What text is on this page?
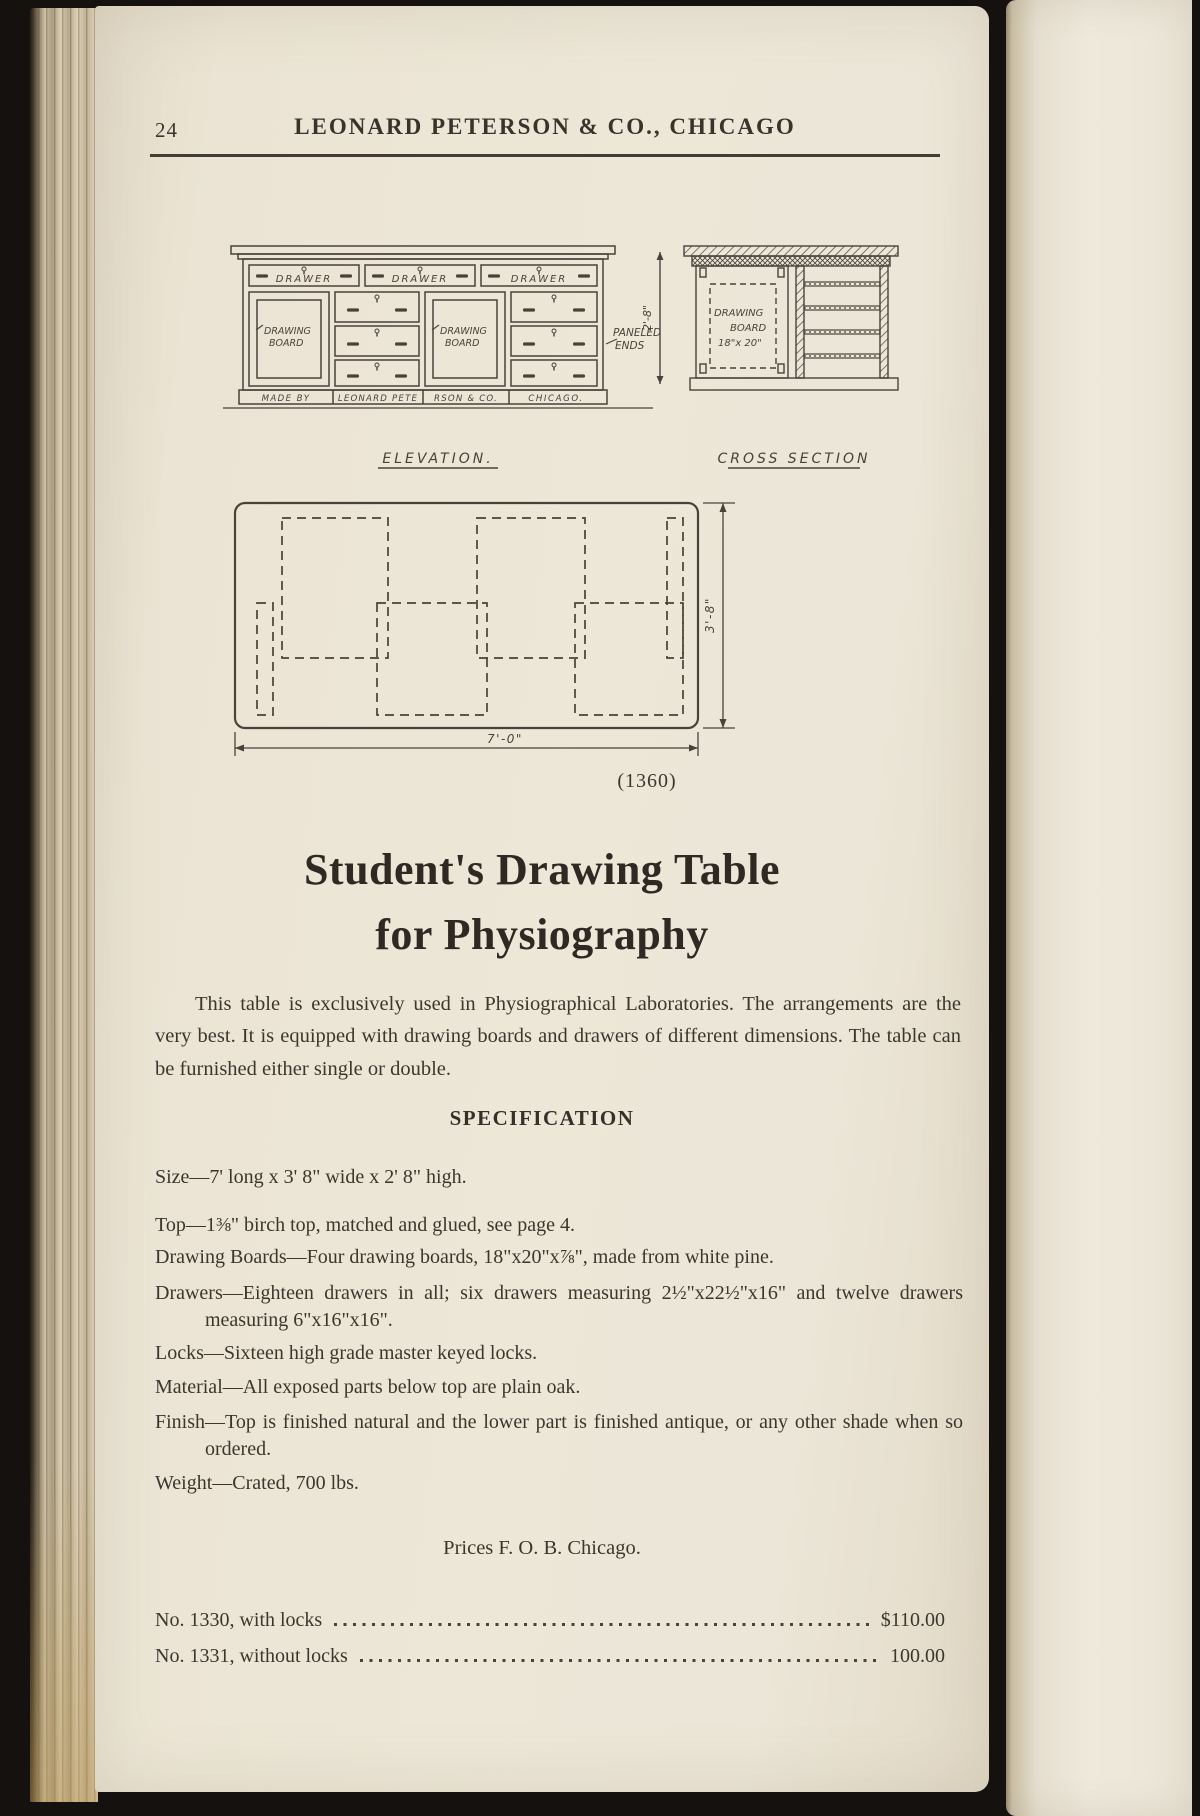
24	LEONARD PETERSON & CO., CHICAGO
DRAWER	DRAWER	DRAWER
DRAWING
BOARD
DRAWING
BOARD
PANELED
ENDS
MADE BY	LEONARD PETE RSON & CO.	CHICAGO.
ELEVATION.
2'-8"	DRAWING
BOARD
18"x 20"
CROSS SECTION
7'-0"
3'-8"
(1360)
Student's Drawing Table
for Physiography

This table is exclusively used in Physiographical Laboratories. The arrangements are the very best. It is equipped with drawing boards and drawers of different dimensions. The table can be furnished either single or double.

SPECIFICATION

Size—7' long x 3' 8" wide x 2' 8" high.

Top—1⅜" birch top, matched and glued, see page 4.

Drawing Boards—Four drawing boards, 18"x20"x⅞", made from white pine.

Drawers—Eighteen drawers in all; six drawers measuring 2½"x22½"x16" and twelve drawers measuring 6"x16"x16".

Locks—Sixteen high grade master keyed locks.

Material—All exposed parts below top are plain oak.

Finish—Top is finished natural and the lower part is finished antique, or any other shade when so ordered.

Weight—Crated, 700 lbs.

Prices F. O. B. Chicago.

No. 1330, with locks	$110.00
No. 1331, without locks	100.00
